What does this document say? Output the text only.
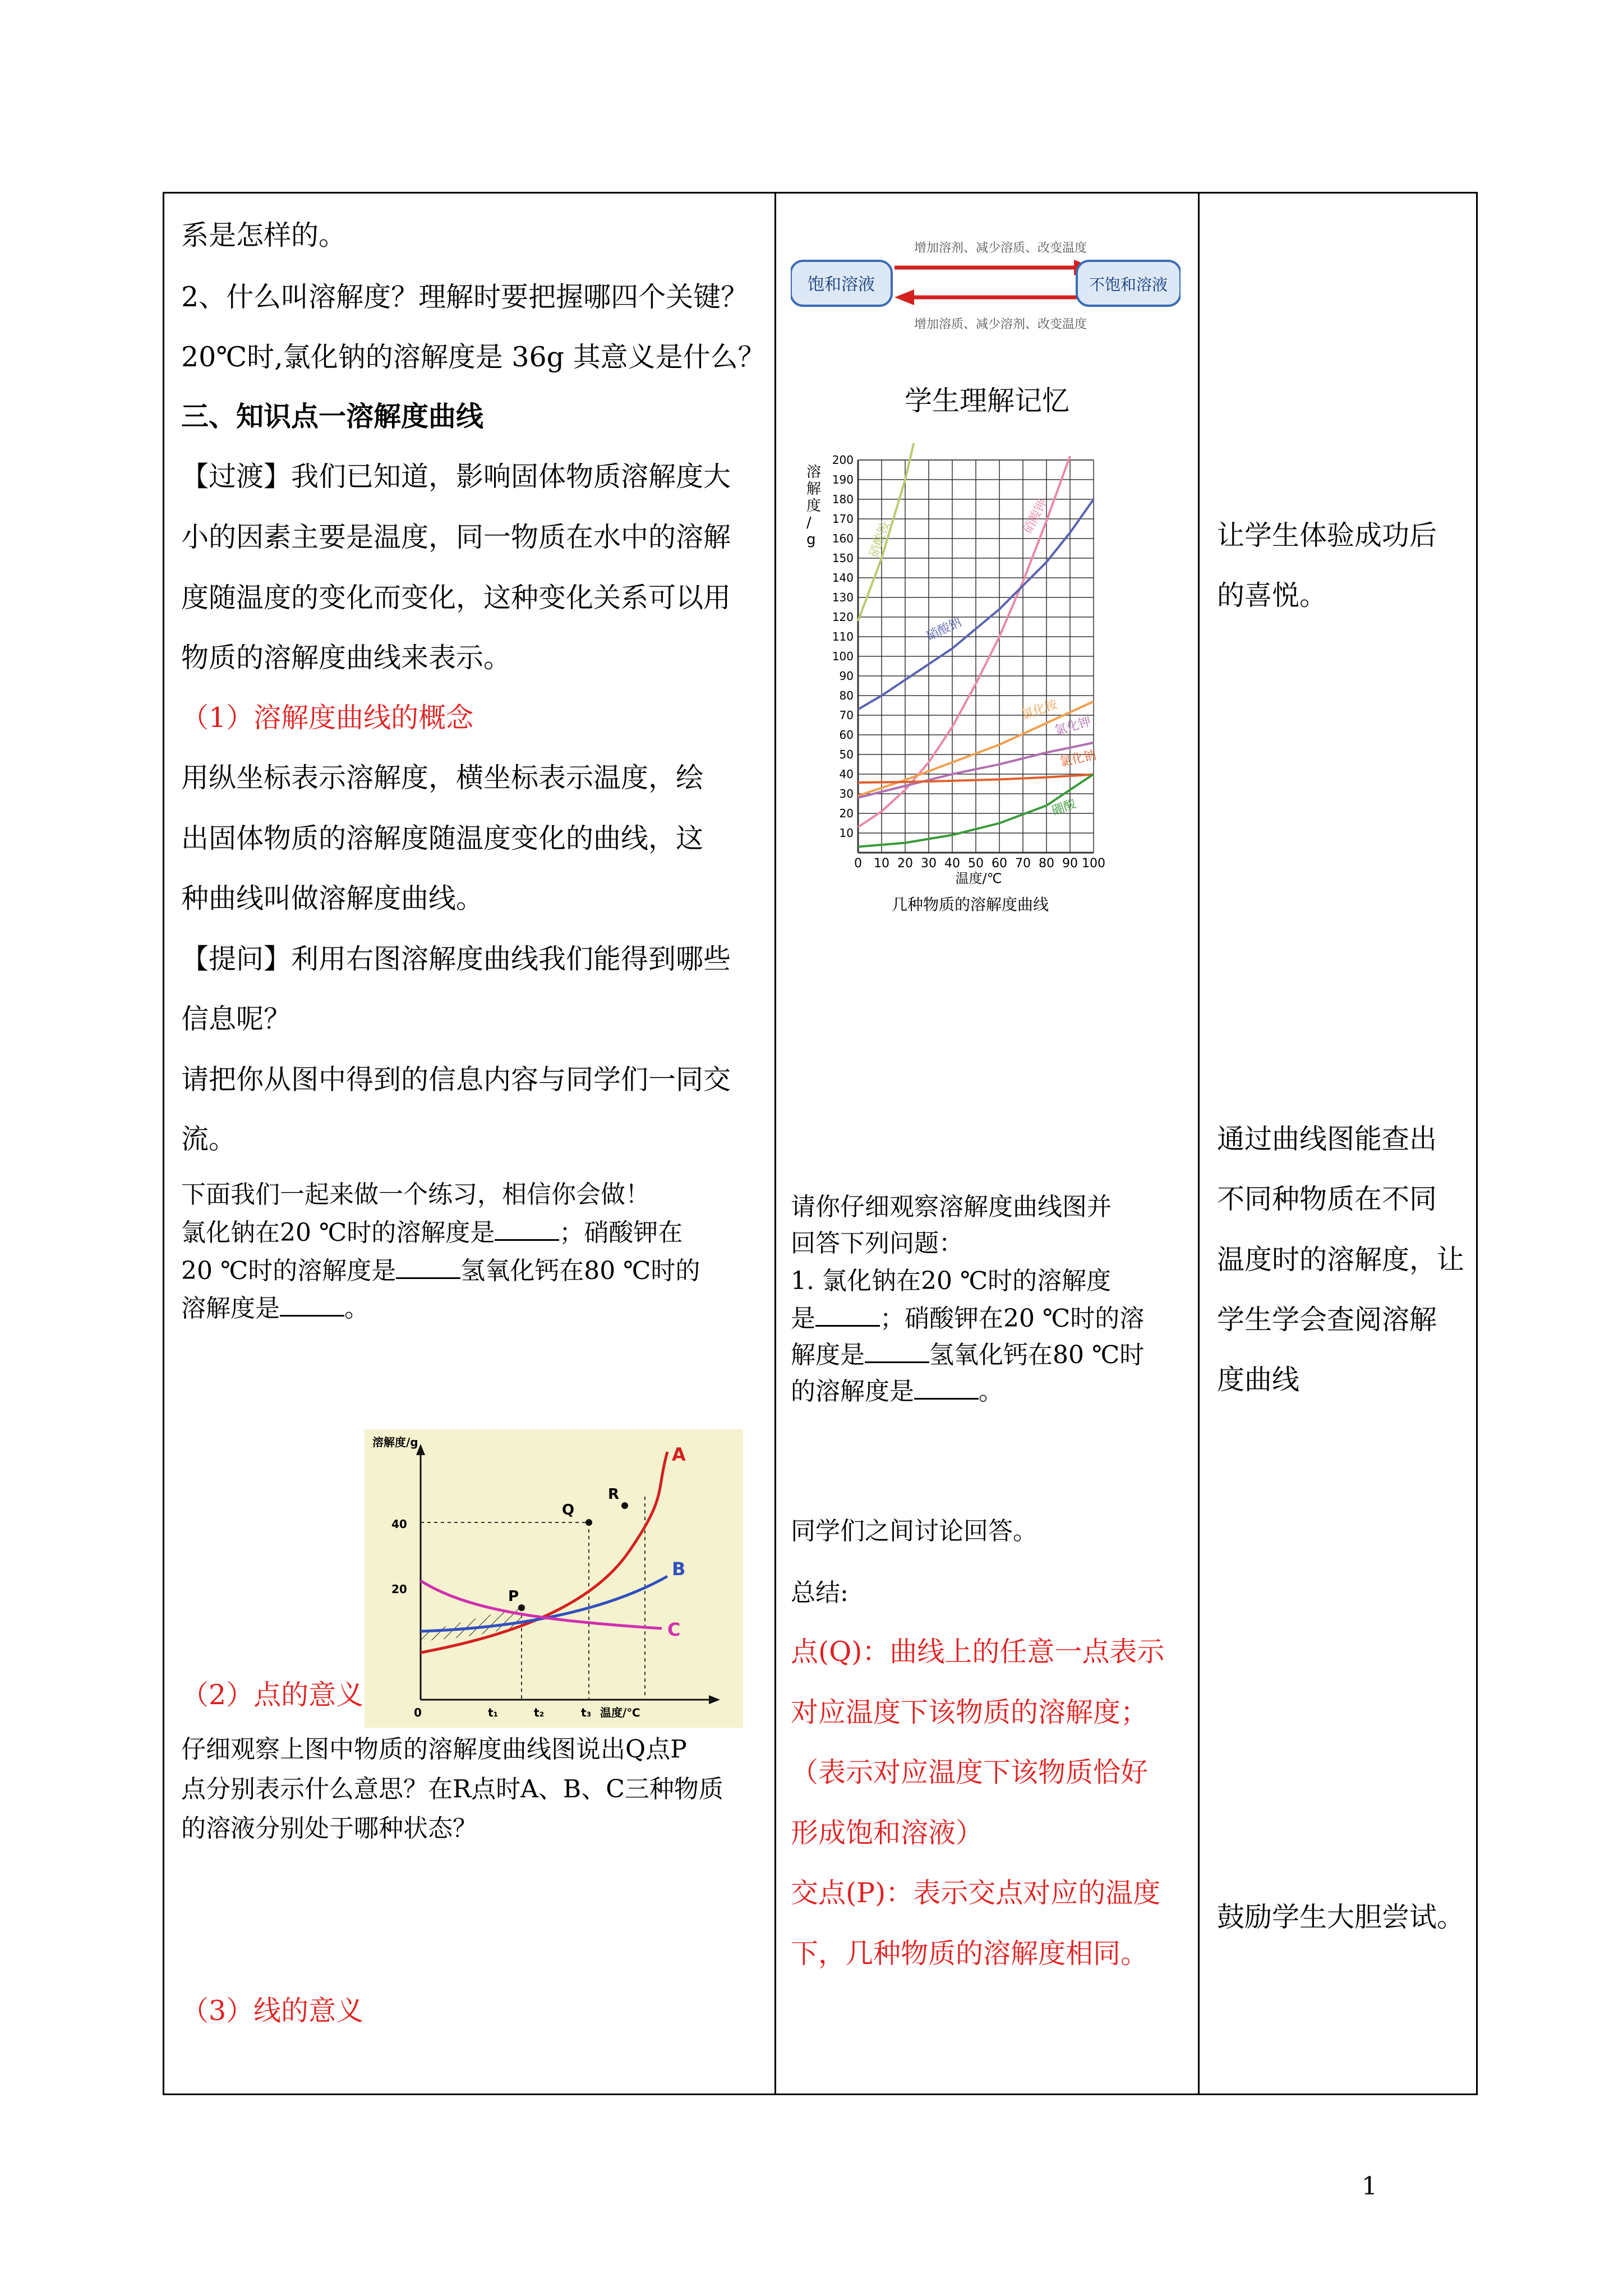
系是怎样的。

2、什么叫溶解度？理解时要把握哪四个关键？

20℃时,氯化钠的溶解度是 36g 其意义是什么？

三、知识点一溶解度曲线

【过渡】我们已知道，影响固体物质溶解度大

小的因素主要是温度，同一物质在水中的溶解

度随温度的变化而变化，这种变化关系可以用

物质的溶解度曲线来表示。

（1）溶解度曲线的概念

用纵坐标表示溶解度，横坐标表示温度，绘

出固体物质的溶解度随温度变化的曲线，这

种曲线叫做溶解度曲线。

【提问】利用右图溶解度曲线我们能得到哪些

信息呢？

请把你从图中得到的信息内容与同学们一同交

流。

下面我们一起来做一个练习，相信你会做！

氯化钠在20 ℃时的溶解度是	；硝酸钾在

20 ℃时的溶解度是	氢氧化钙在80 ℃时的

溶解度是	。

（2）点的意义

仔细观察上图中物质的溶解度曲线图说出Q点P

点分别表示什么意思？在R点时A、B、C三种物质

的溶液分别处于哪种状态？

（3）线的意义

溶解度/g
40
20
0	t₁	t₂	t₃ 温度/℃
A
B
C
P
Q
R
增加溶剂、减少溶质、改变温度
饱和溶液	不饱和溶液
增加溶质、减少溶剂、改变温度

学生理解记忆

溶
解
度
/
g	硝酸铵
硝酸钾
硝酸钠
氯化铵
氯化钾
氯化钠
硼酸
0 10 20 30 40 50 60 70 80 90 100
10
20
30
40
50
60
70
80
90
100
110
120
130
140
150
160
170
180
190
200
温度/℃
几种物质的溶解度曲线

请你仔细观察溶解度曲线图并

回答下列问题：

1. 氯化钠在20 ℃时的溶解度

是	；硝酸钾在20 ℃时的溶

解度是	氢氧化钙在80 ℃时

的溶解度是	。

同学们之间讨论回答。

总结:

点(Q)：曲线上的任意一点表示

对应温度下该物质的溶解度；

（表示对应温度下该物质恰好

形成饱和溶液）

交点(P)：表示交点对应的温度

下，几种物质的溶解度相同。

让学生体验成功后

的喜悦。

通过曲线图能查出

不同种物质在不同

温度时的溶解度，让

学生学会查阅溶解

度曲线

鼓励学生大胆尝试。

1
